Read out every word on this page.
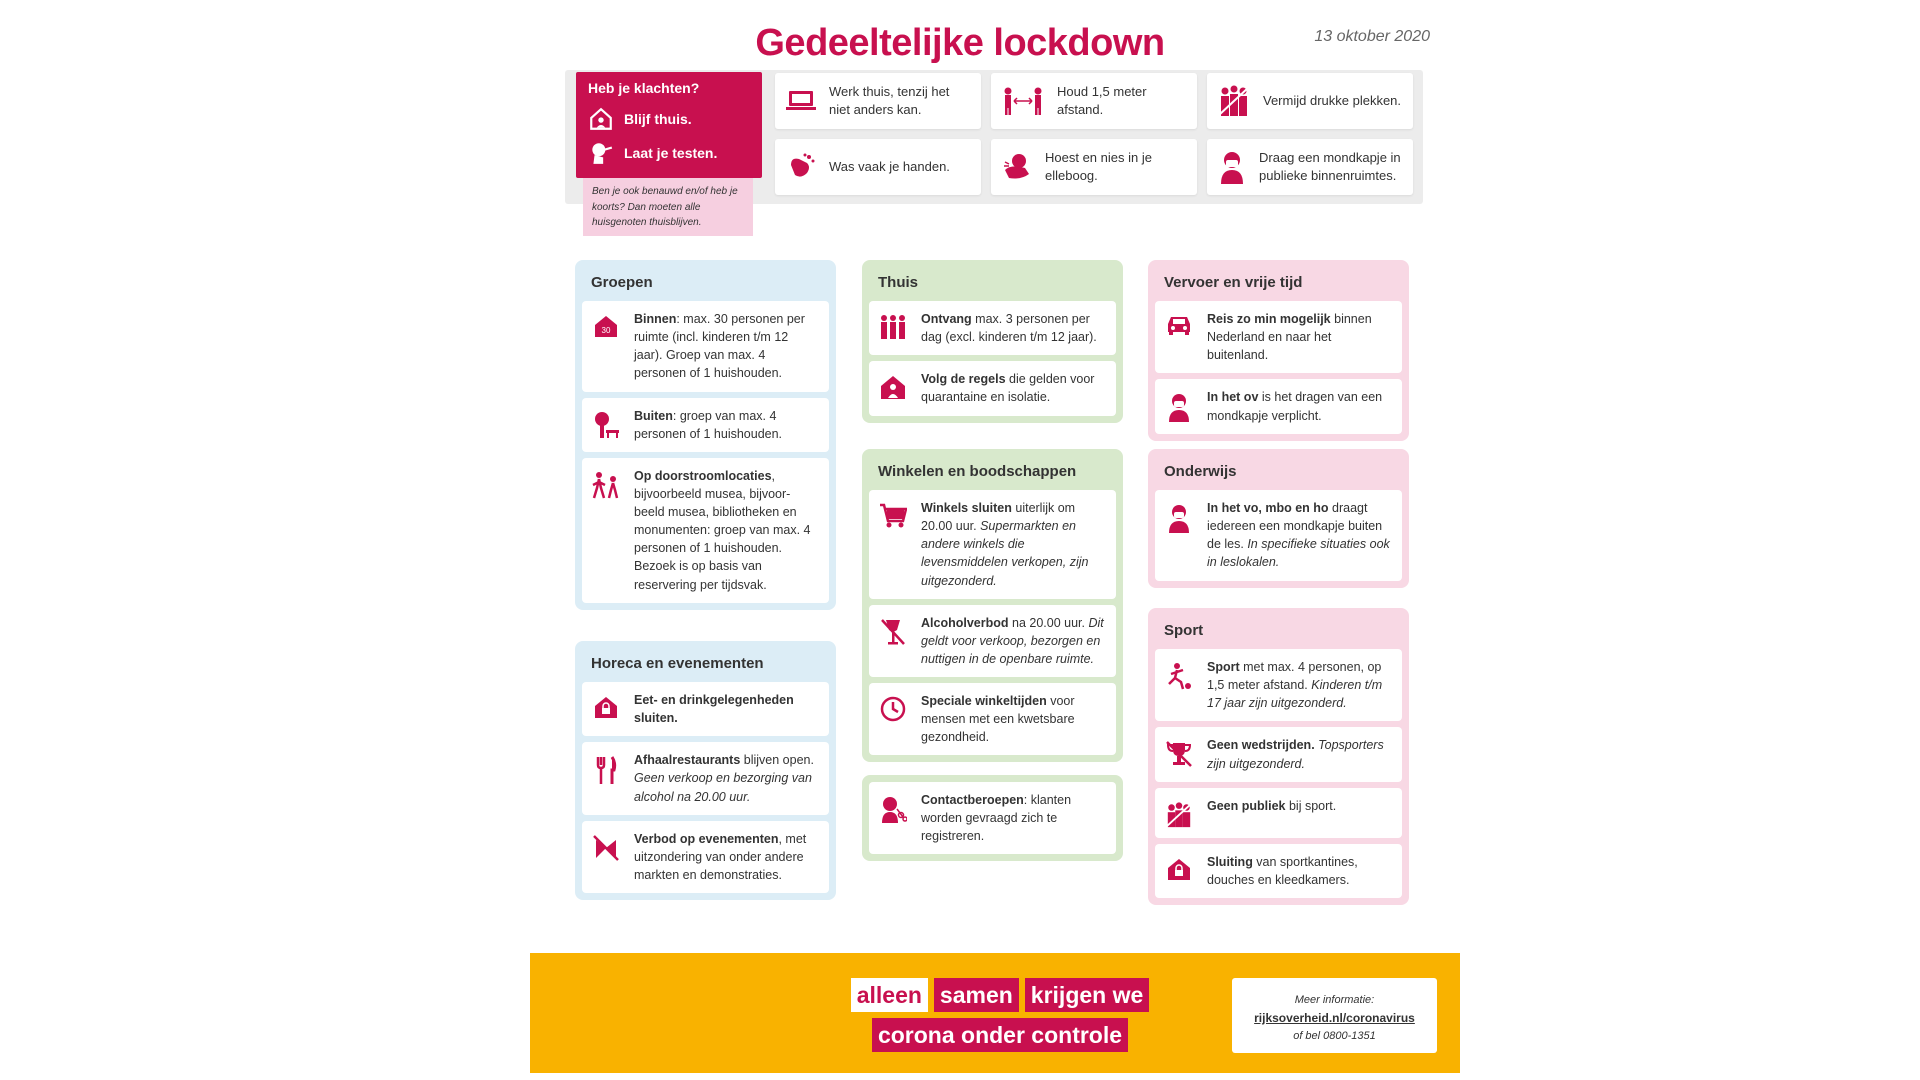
Gedeeltelijke lockdown	13 oktober 2020
Heb je klachten?
Blijf thuis.
Laat je testen.
Ben je ook benauwd en/of heb je koorts? Dan moeten alle huisgenoten thuisblijven.
Werk thuis, tenzij het niet anders kan.
Houd 1,5 meter afstand.
Vermijd drukke plekken.
Was vaak je handen.
Hoest en nies in je elleboog.
Draag een mondkapje in publieke binnenruimtes.
Groepen
30
Binnen: max. 30 personen per ruimte (incl. kinderen t/m 12 jaar). Groep van max. 4 personen of 1 huishouden.
Buiten: groep van max. 4 personen of 1 huishouden.
Op doorstroomlocaties, bijvoorbeeld musea, bijvoor-beeld musea, bibliotheken en monumenten: groep van max. 4 personen of 1 huishouden. Bezoek is op basis van reservering per tijdsvak.
Horeca en evenementen
Eet- en drinkgelegenheden sluiten.
Afhaalrestaurants blijven open.
Geen verkoop en bezorging van alcohol na 20.00 uur.
Verbod op evenementen, met uitzondering van onder andere markten en demonstraties.
Thuis
Ontvang max. 3 personen per dag (excl. kinderen t/m 12 jaar).
Volg de regels die gelden voor quarantaine en isolatie.
Winkelen en boodschappen
Winkels sluiten uiterlijk om 20.00 uur. Supermarkten en andere winkels die levensmiddelen verkopen, zijn uitgezonderd.
Alcoholverbod na 20.00 uur. Dit geldt voor verkoop, bezorgen en nuttigen in de openbare ruimte.
Speciale winkeltijden voor mensen met een kwetsbare gezondheid.
Contactberoepen: klanten worden gevraagd zich te registreren.
Vervoer en vrije tijd
Reis zo min mogelijk binnen Nederland en naar het buitenland.
In het ov is het dragen van een mondkapje verplicht.
Onderwijs
In het vo, mbo en ho draagt iedereen een mondkapje buiten de les. In specifieke situaties ook in leslokalen.
Sport
Sport met max. 4 personen, op 1,5 meter afstand. Kinderen t/m 17 jaar zijn uitgezonderd.
Geen wedstrijden. Topsporters zijn uitgezonderd.
Geen publiek bij sport.
Sluiting van sportkantines, douches en kleedkamers.
alleen samen krijgen we
corona onder controle
Meer informatie:
rijksoverheid.nl/coronavirus
of bel 0800-1351
